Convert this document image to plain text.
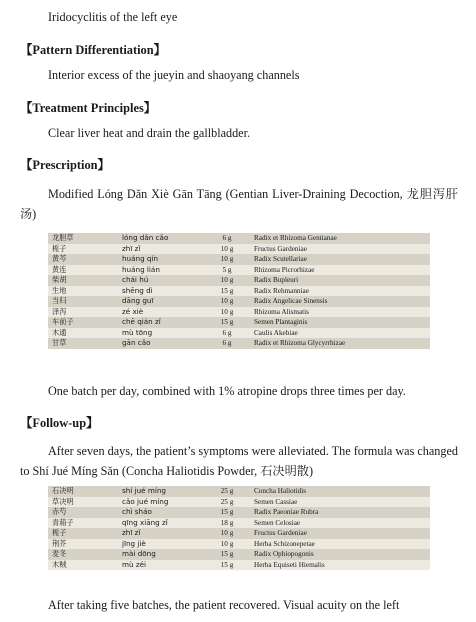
Iridocyclitis of the left eye
【Pattern Differentiation】
Interior excess of the jueyin and shaoyang channels
【Treatment Principles】
Clear liver heat and drain the gallbladder.
【Prescription】
Modified Lóng Dǎn Xiè Gān Tāng (Gentian Liver-Draining Decoction, 龙胆泻肝汤)
龙胆草	lóng dǎn cǎo	6 g	Radix et Rhizoma Gentianae
栀子	zhī zǐ	10 g	Fructus Gardeniae
黄芩	huáng qín	10 g	Radix Scutellariae
黄连	huáng lián	5 g	Rhizoma Picrorhizae
柴胡	chái hú	10 g	Radix Bupleuri
生地	shēng dì	15 g	Radix Rehmanniae
当归	dāng guī	10 g	Radix Angelicae Sinensis
泽泻	zé xiè	10 g	Rhizoma Alismatis
车前子	chē qián zǐ	15 g	Semen Plantaginis
木通	mù tōng	6 g	Caulis Akebiae
甘草	gān cǎo	6 g	Radix et Rhizoma Glycyrrhizae
One batch per day, combined with 1% atropine drops three times per day.
【Follow-up】
After seven days, the patient’s symptoms were alleviated. The formula was changed to Shí Jué Míng Sǎn (Concha Haliotidis Powder, 石决明散)
石决明	shí jué míng	25 g	Concha Haliotidis
草决明	cǎo jué míng	25 g	Semen Cassiae
赤芍	chì sháo	15 g	Radix Paeoniae Rubra
青葙子	qīng xiāng zǐ	18 g	Semen Celosiae
栀子	zhī zǐ	10 g	Fructus Gardeniae
荆芥	jīng jiè	10 g	Herba Schizonepetae
麦冬	mài dōng	15 g	Radix Ophiopogonis
木贼	mù zéi	15 g	Herba Equiseti Hiemalis
After taking five batches, the patient recovered. Visual acuity on the left
